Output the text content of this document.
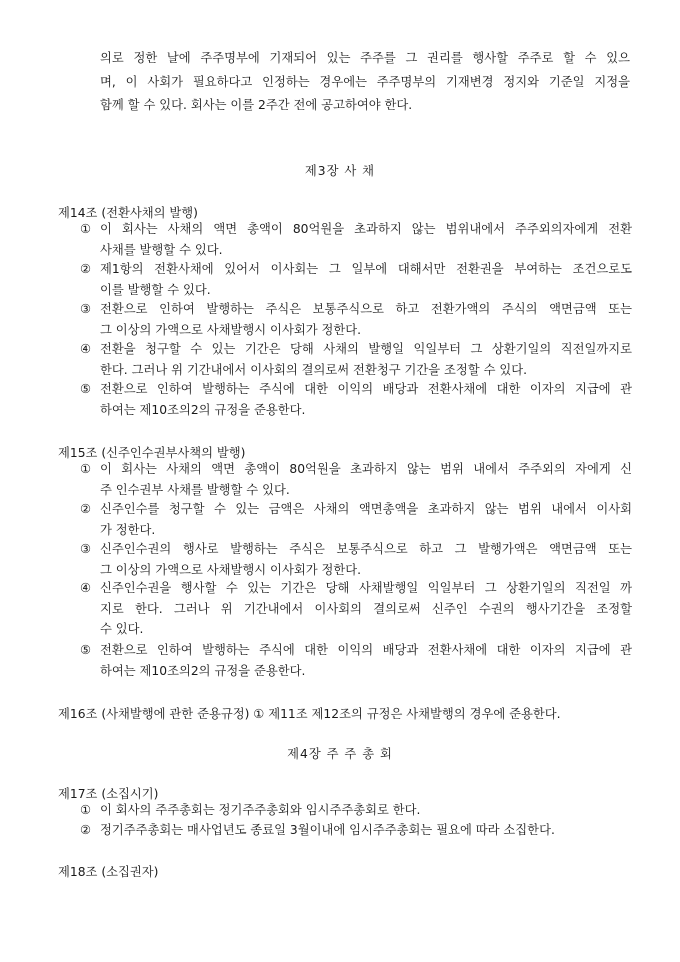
의로 정한 날에 주주명부에 기재되어 있는 주주를 그 권리를 행사할 주주로 할 수 있으
며, 이 사회가 필요하다고 인정하는 경우에는 주주명부의 기재변경 정지와 기준일 지정을
함께 할 수 있다. 회사는 이를 2주간 전에 공고하여야 한다.
제3장 사 채
제14조 (전환사채의 발행)
① 이 회사는 사채의 액면 총액이 80억원을 초과하지 않는 범위내에서 주주외의자에게 전환
사채를 발행할 수 있다.
② 제1항의 전환사채에 있어서 이사회는 그 일부에 대해서만 전환권을 부여하는 조건으로도
이를 발행할 수 있다.
③ 전환으로 인하여 발행하는 주식은 보통주식으로 하고 전환가액의 주식의 액면금액 또는
그 이상의 가액으로 사채발행시 이사회가 정한다.
④ 전환을 청구할 수 있는 기간은 당해 사채의 발행일 익일부터 그 상환기일의 직전일까지로
한다. 그러나 위 기간내에서 이사회의 결의로써 전환청구 기간을 조정할 수 있다.
⑤ 전환으로 인하여 발행하는 주식에 대한 이익의 배당과 전환사채에 대한 이자의 지급에 관
하여는 제10조의2의 규정을 준용한다.
제15조 (신주인수권부사책의 발행)
① 이 회사는 사채의 액면 총액이 80억원을 초과하지 않는 범위 내에서 주주외의 자에게 신
주 인수권부 사채를 발행할 수 있다.
② 신주인수를 청구할 수 있는 금액은 사채의 액면총액을 초과하지 않는 범위 내에서 이사회
가 정한다.
③ 신주인수권의 행사로 발행하는 주식은 보통주식으로 하고 그 발행가액은 액면금액 또는
그 이상의 가액으로 사채발행시 이사회가 정한다.
④ 신주인수권을 행사할 수 있는 기간은 당해 사채발행일 익일부터 그 상환기일의 직전일 까
지로 한다. 그러나 위 기간내에서 이사회의 결의로써 신주인 수권의 행사기간을 조정할
수 있다.
⑤ 전환으로 인하여 발행하는 주식에 대한 이익의 배당과 전환사채에 대한 이자의 지급에 관
하여는 제10조의2의 규정을 준용한다.
제16조 (사채발행에 관한 준용규정) ① 제11조 제12조의 규정은 사채발행의 경우에 준용한다.
제4장 주 주 총 회
제17조 (소집시기)
① 이 회사의 주주총회는 정기주주총회와 임시주주총회로 한다.
② 정기주주총회는 매사업년도 종료일 3월이내에 임시주주총회는 필요에 따라 소집한다.
제18조 (소집권자)
